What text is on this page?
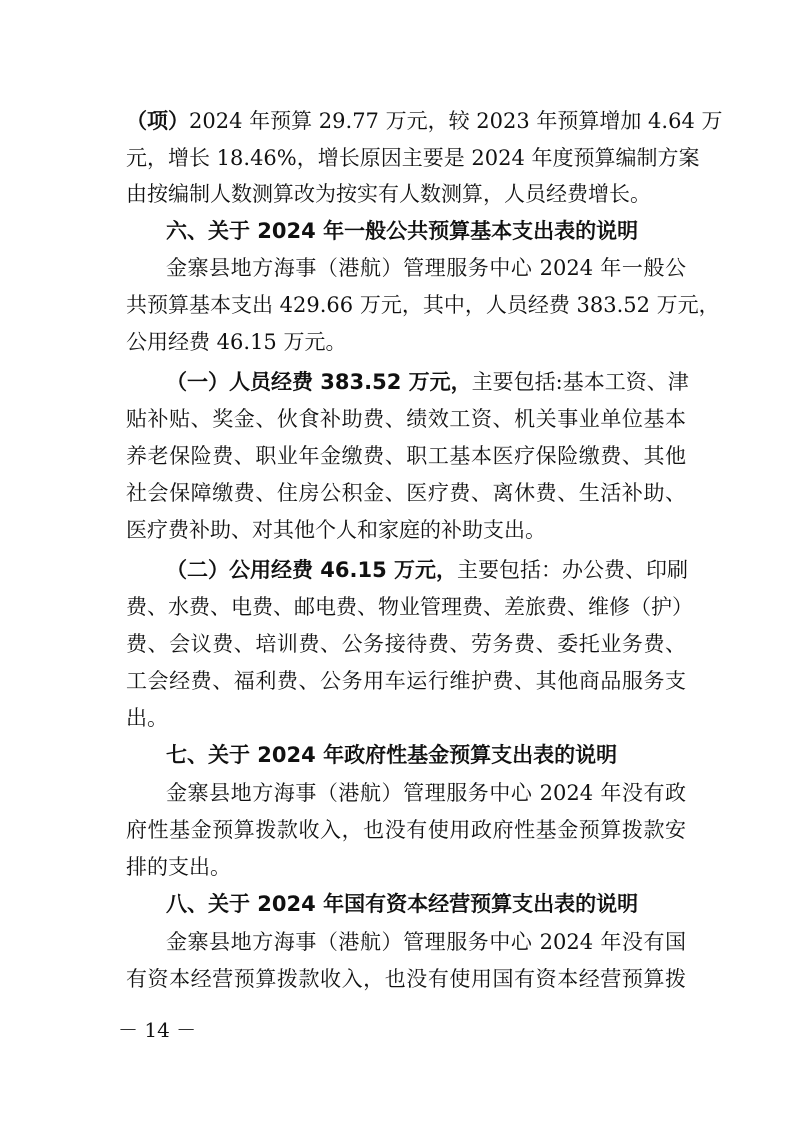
（项）2024 年预算 29.77 万元，较 2023 年预算增加 4.64 万

元，增长 18.46%，增长原因主要是 2024 年度预算编制方案

由按编制人数测算改为按实有人数测算，人员经费增长。

六、关于 2024 年一般公共预算基本支出表的说明

金寨县地方海事（港航）管理服务中心 2024 年一般公

共预算基本支出 429.66 万元，其中，人员经费 383.52 万元，

公用经费 46.15 万元。

（一）人员经费 383.52 万元，主要包括:基本工资、津

贴补贴、奖金、伙食补助费、绩效工资、机关事业单位基本

养老保险费、职业年金缴费、职工基本医疗保险缴费、其他

社会保障缴费、住房公积金、医疗费、离休费、生活补助、

医疗费补助、对其他个人和家庭的补助支出。

（二）公用经费 46.15 万元，主要包括：办公费、印刷

费、水费、电费、邮电费、物业管理费、差旅费、维修（护）

费、会议费、培训费、公务接待费、劳务费、委托业务费、

工会经费、福利费、公务用车运行维护费、其他商品服务支

出。

七、关于 2024 年政府性基金预算支出表的说明

金寨县地方海事（港航）管理服务中心 2024 年没有政

府性基金预算拨款收入，也没有使用政府性基金预算拨款安

排的支出。

八、关于 2024 年国有资本经营预算支出表的说明

金寨县地方海事（港航）管理服务中心 2024 年没有国

有资本经营预算拨款收入，也没有使用国有资本经营预算拨

－ 14 －
